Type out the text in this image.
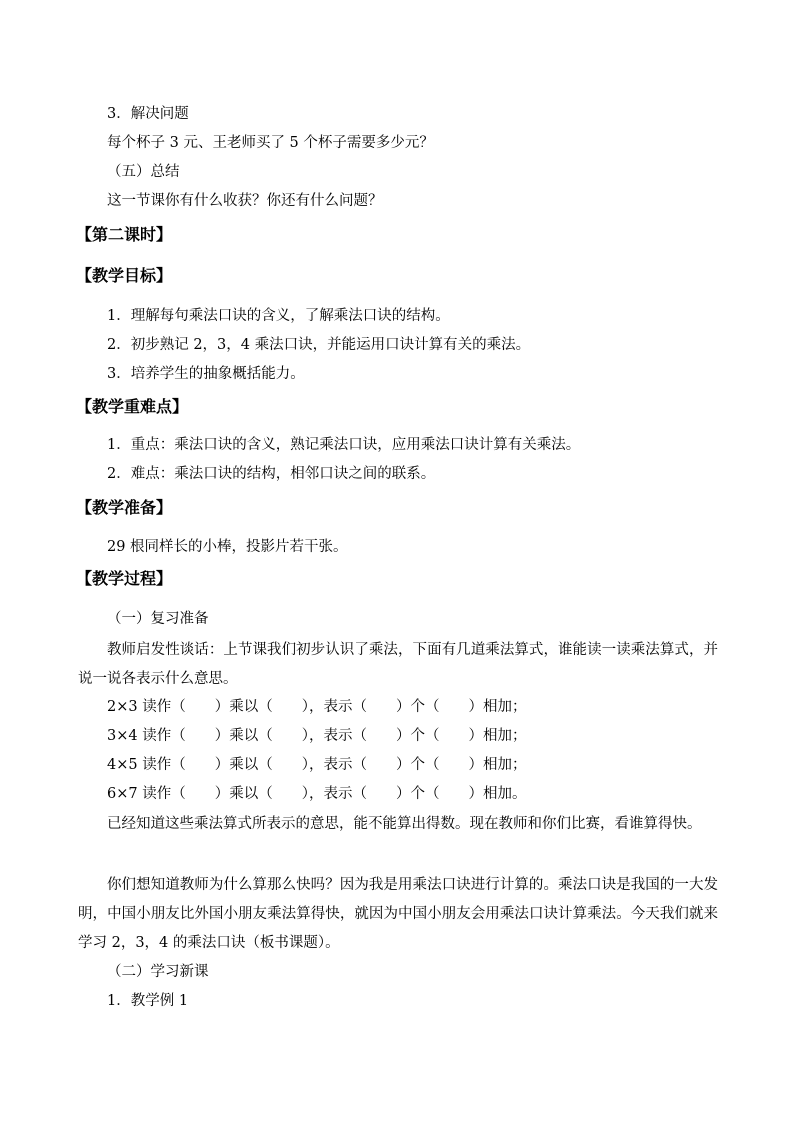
3．解决问题
每个杯子 3 元、王老师买了 5 个杯子需要多少元？
（五）总结
这一节课你有什么收获？你还有什么问题？
【第二课时】
【教学目标】
1．理解每句乘法口诀的含义，了解乘法口诀的结构。
2．初步熟记 2，3，4 乘法口诀，并能运用口诀计算有关的乘法。
3．培养学生的抽象概括能力。
【教学重难点】
1．重点：乘法口诀的含义，熟记乘法口诀，应用乘法口诀计算有关乘法。
2．难点：乘法口诀的结构，相邻口诀之间的联系。
【教学准备】
29 根同样长的小棒，投影片若干张。
【教学过程】
（一）复习准备
教师启发性谈话：上节课我们初步认识了乘法，下面有几道乘法算式，谁能读一读乘法算式，并说一说各表示什么意思。
2×3 读作（　　）乘以（　　），表示（　　）个（　　）相加；
3×4 读作（　　）乘以（　　），表示（　　）个（　　）相加；
4×5 读作（　　）乘以（　　），表示（　　）个（　　）相加；
6×7 读作（　　）乘以（　　），表示（　　）个（　　）相加。
已经知道这些乘法算式所表示的意思，能不能算出得数。现在教师和你们比赛，看谁算得快。
你们想知道教师为什么算那么快吗？因为我是用乘法口诀进行计算的。乘法口诀是我国的一大发明，中国小朋友比外国小朋友乘法算得快，就因为中国小朋友会用乘法口诀计算乘法。今天我们就来学习 2，3，4 的乘法口诀（板书课题）。
（二）学习新课
1．教学例 1
